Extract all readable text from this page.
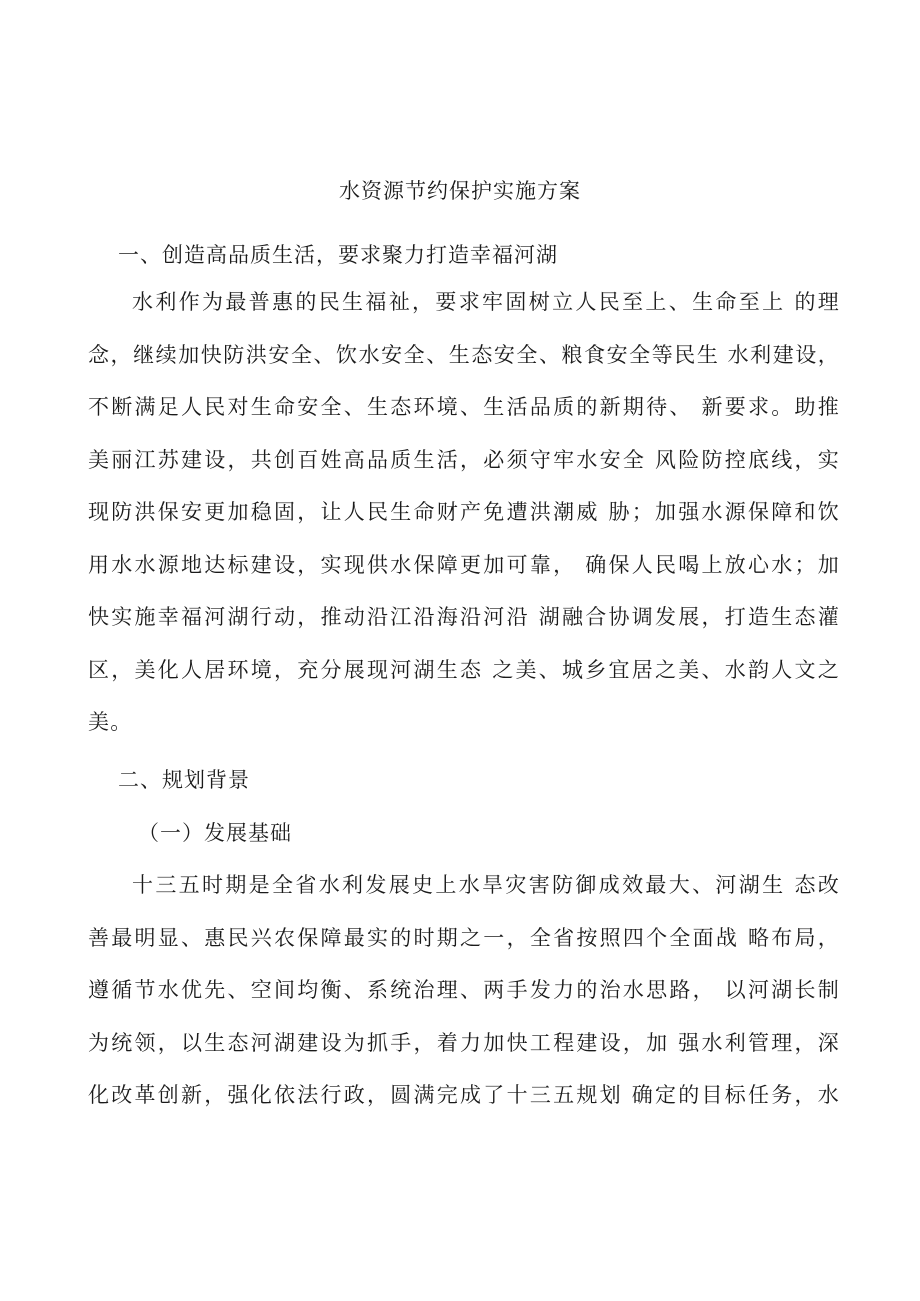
水资源节约保护实施方案
一、创造高品质生活，要求聚力打造幸福河湖
水利作为最普惠的民生福祉，要求牢固树立人民至上、生命至上 的理
念，继续加快防洪安全、饮水安全、生态安全、粮食安全等民生 水利建设，
不断满足人民对生命安全、生态环境、生活品质的新期待、 新要求。助推
美丽江苏建设，共创百姓高品质生活，必须守牢水安全 风险防控底线，实
现防洪保安更加稳固，让人民生命财产免遭洪潮威 胁；加强水源保障和饮
用水水源地达标建设，实现供水保障更加可靠， 确保人民喝上放心水；加
快实施幸福河湖行动，推动沿江沿海沿河沿 湖融合协调发展，打造生态灌
区，美化人居环境，充分展现河湖生态 之美、城乡宜居之美、水韵人文之
美。
二、规划背景
（一）发展基础
十三五时期是全省水利发展史上水旱灾害防御成效最大、河湖生 态改
善最明显、惠民兴农保障最实的时期之一，全省按照四个全面战 略布局，
遵循节水优先、空间均衡、系统治理、两手发力的治水思路， 以河湖长制
为统领，以生态河湖建设为抓手，着力加快工程建设，加 强水利管理，深
化改革创新，强化依法行政，圆满完成了十三五规划 确定的目标任务，水
